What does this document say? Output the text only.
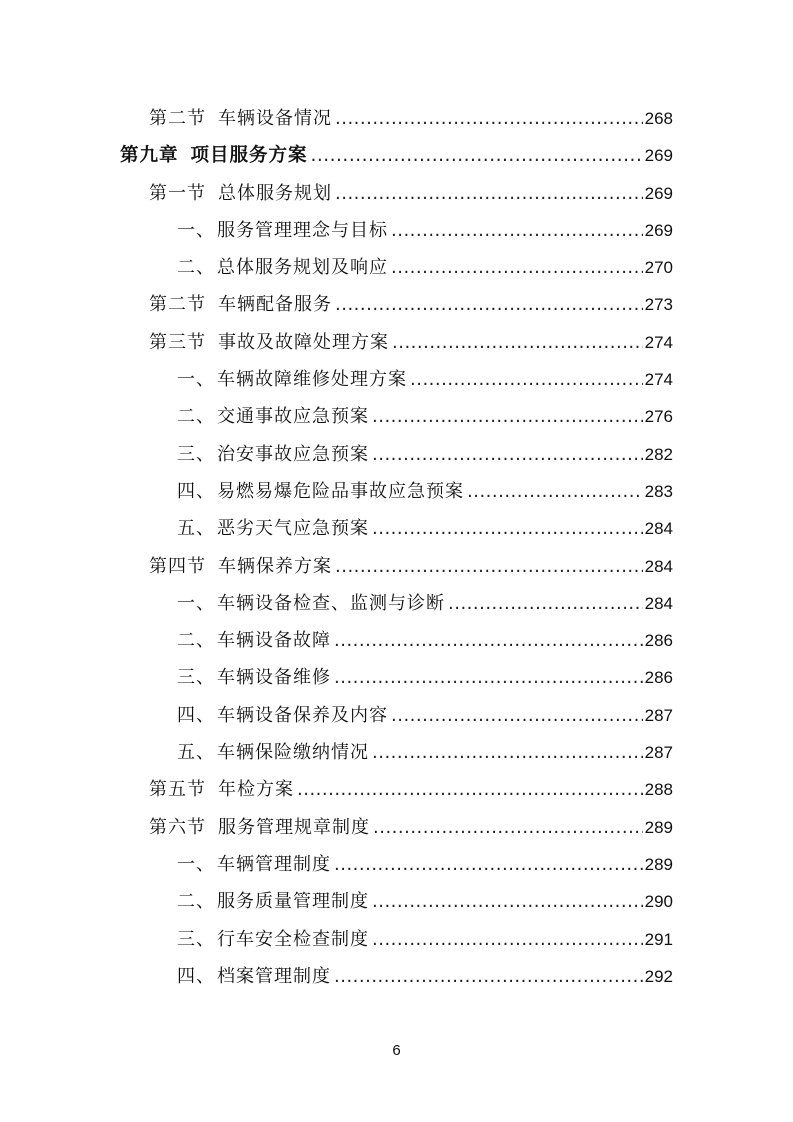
第二节 车辆设备情况 .....	268
第九章 项目服务方案 .....	269
第一节 总体服务规划 .....	269
一、 服务管理理念与目标 .....	269
二、 总体服务规划及响应 .....	270
第二节 车辆配备服务 .....	273
第三节 事故及故障处理方案 .....	274
一、 车辆故障维修处理方案 .....	274
二、 交通事故应急预案 .....	276
三、 治安事故应急预案 .....	282
四、 易燃易爆危险品事故应急预案 .....	283
五、 恶劣天气应急预案 .....	284
第四节 车辆保养方案 .....	284
一、 车辆设备检查、监测与诊断 .....	284
二、 车辆设备故障 .....	286
三、 车辆设备维修 .....	286
四、 车辆设备保养及内容 .....	287
五、 车辆保险缴纳情况 .....	287
第五节 年检方案 .....	288
第六节 服务管理规章制度 .....	289
一、 车辆管理制度 .....	289
二、 服务质量管理制度 .....	290
三、 行车安全检查制度 .....	291
四、 档案管理制度 .....	292
6
